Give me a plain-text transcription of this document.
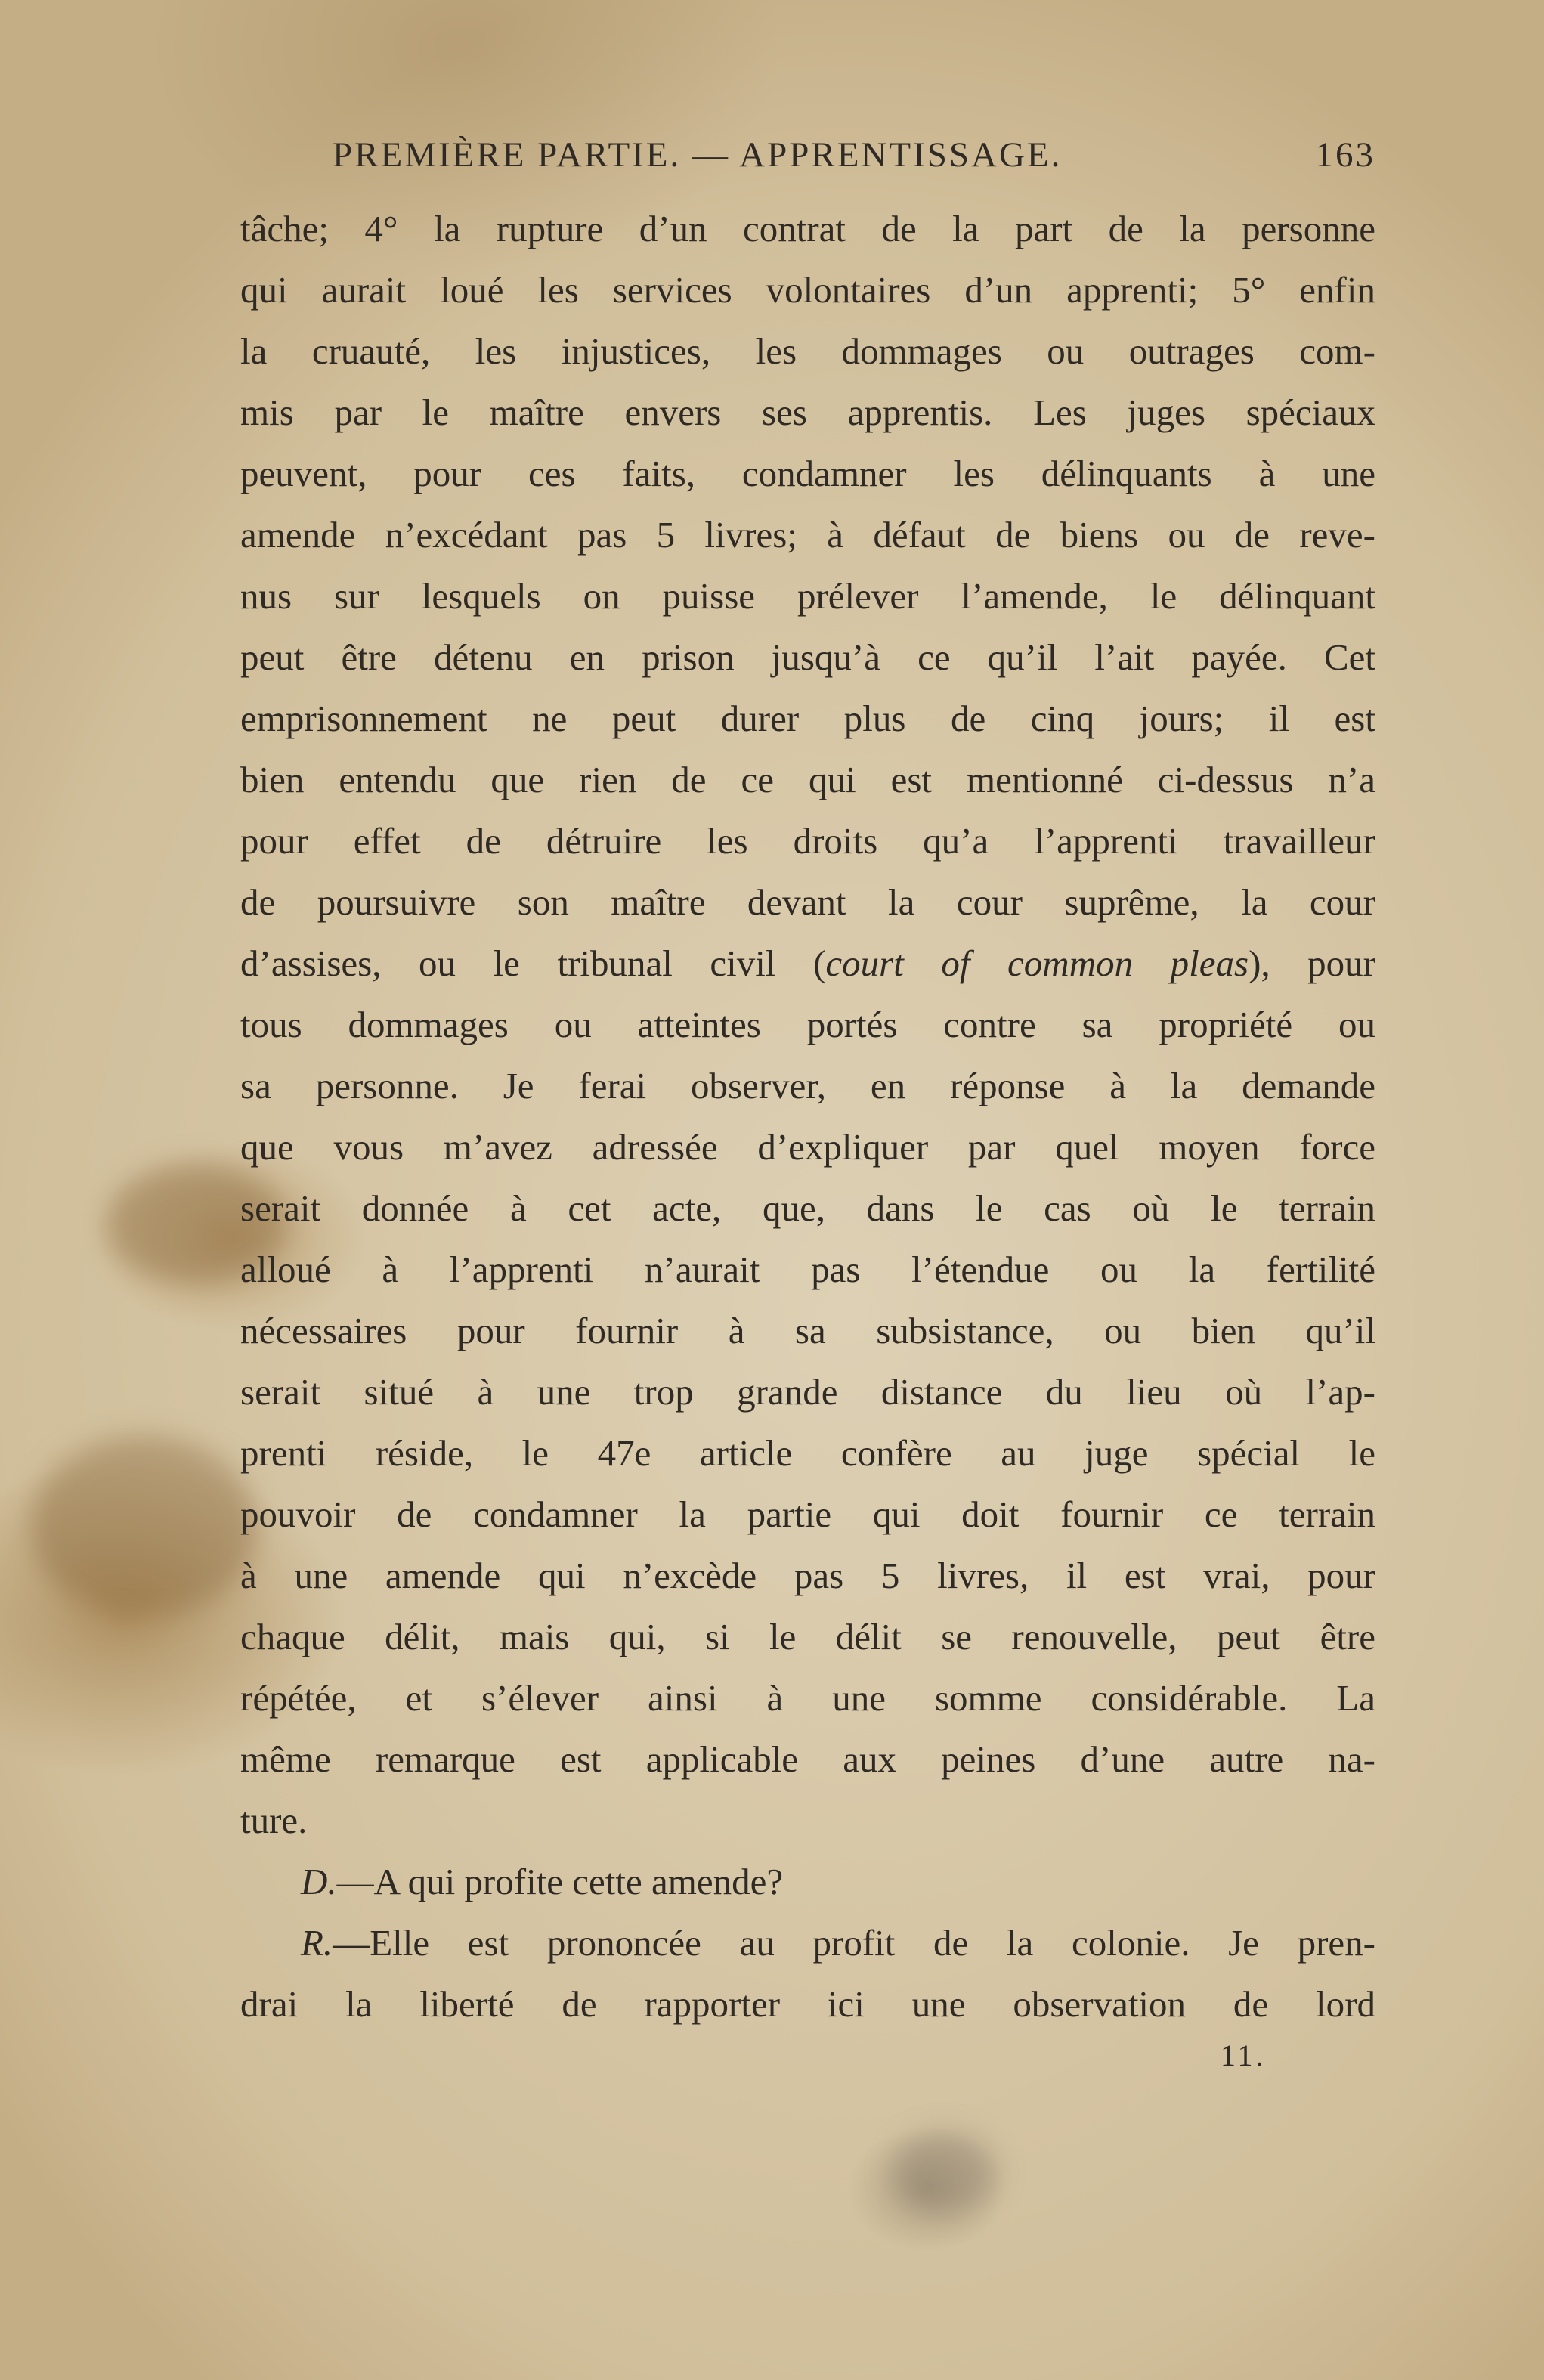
PREMIÈRE PARTIE. — APPRENTISSAGE.	163
tâche; 4° la rupture d’un contrat de la part de la personne
qui aurait loué les services volontaires d’un apprenti; 5° enfin
la cruauté, les injustices, les dommages ou outrages com-
mis par le maître envers ses apprentis. Les juges spéciaux
peuvent, pour ces faits, condamner les délinquants à une
amende n’excédant pas 5 livres; à défaut de biens ou de reve-
nus sur lesquels on puisse prélever l’amende, le délinquant
peut être détenu en prison jusqu’à ce qu’il l’ait payée. Cet
emprisonnement ne peut durer plus de cinq jours; il est
bien entendu que rien de ce qui est mentionné ci-dessus n’a
pour effet de détruire les droits qu’a l’apprenti travailleur
de poursuivre son maître devant la cour suprême, la cour
d’assises, ou le tribunal civil (court of common pleas), pour
tous dommages ou atteintes portés contre sa propriété ou
sa personne. Je ferai observer, en réponse à la demande
que vous m’avez adressée d’expliquer par quel moyen force
serait donnée à cet acte, que, dans le cas où le terrain
alloué à l’apprenti n’aurait pas l’étendue ou la fertilité
nécessaires pour fournir à sa subsistance, ou bien qu’il
serait situé à une trop grande distance du lieu où l’ap-
prenti réside, le 47e article confère au juge spécial le
pouvoir de condamner la partie qui doit fournir ce terrain
à une amende qui n’excède pas 5 livres, il est vrai, pour
chaque délit, mais qui, si le délit se renouvelle, peut être
répétée, et s’élever ainsi à une somme considérable. La
même remarque est applicable aux peines d’une autre na-
ture.
D.—A qui profite cette amende?
R.—Elle est prononcée au profit de la colonie. Je pren-
drai la liberté de rapporter ici une observation de lord
11.
